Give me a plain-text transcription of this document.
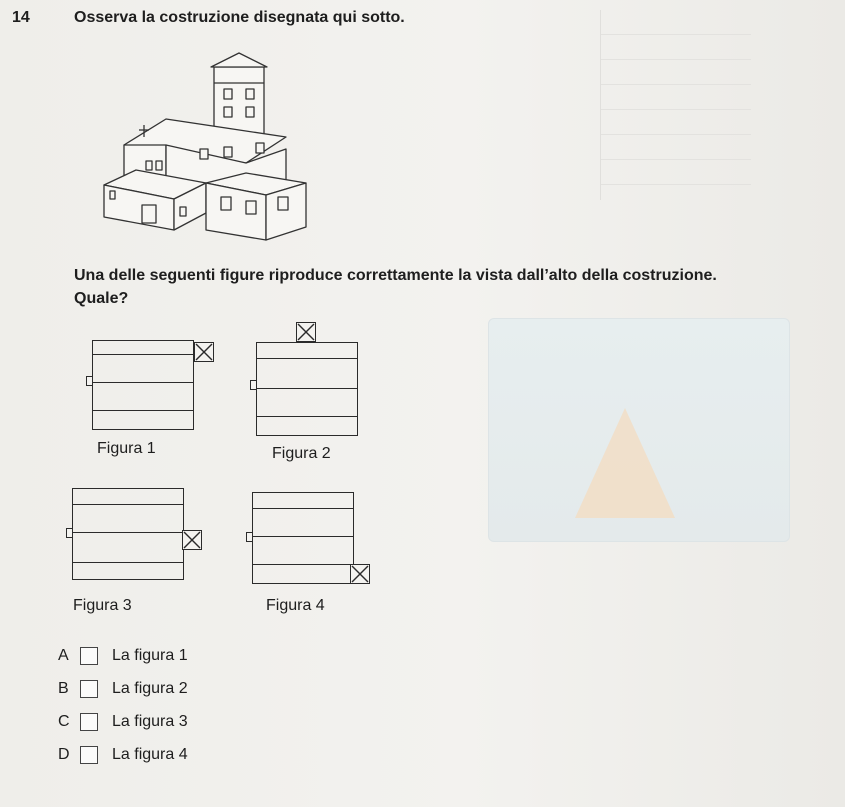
14	Osserva la costruzione disegnata qui sotto.
Una delle seguenti figure riproduce correttamente la vista dall’alto della costruzione. Quale?
Figura 1	Figura 2
Figura 3	Figura 4
A	La figura 1
B	La figura 2
C	La figura 3
D	La figura 4
